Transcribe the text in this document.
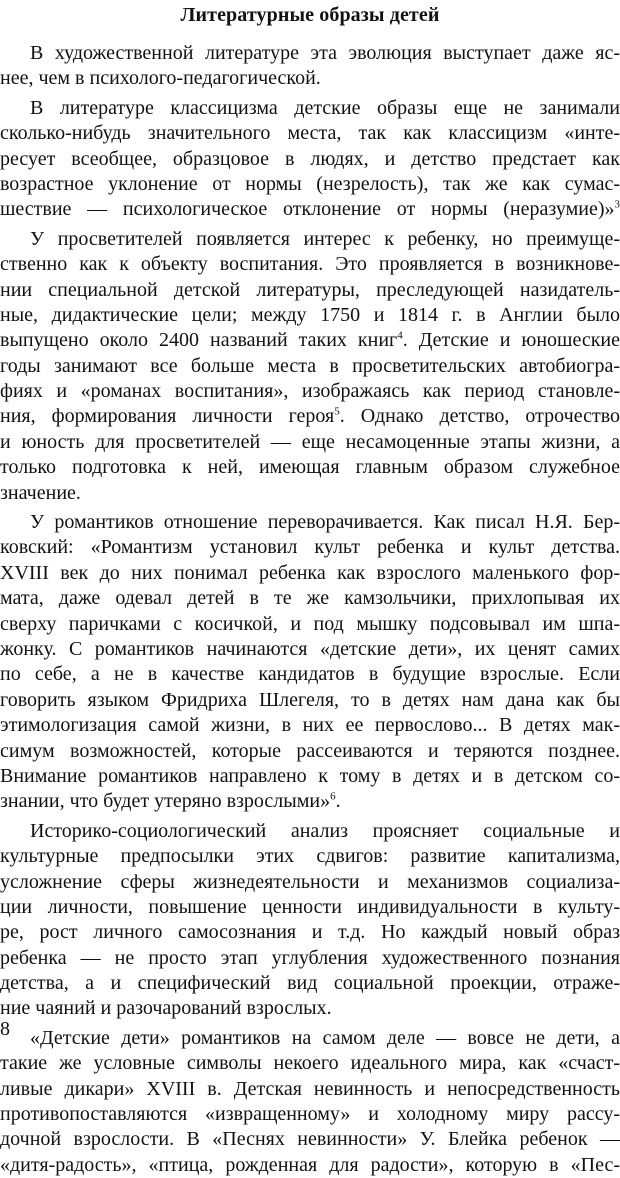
Литературные образы детей
В художественной литературе эта эволюция выступает даже яс-
нее, чем в психолого-педагогической.
В литературе классицизма детские образы еще не занимали
сколько-нибудь значительного места, так как классицизм «инте-
ресует всеобщее, образцовое в людях, и детство предстает как
возрастное уклонение от нормы (незрелость), так же как сумас-
шествие — психологическое отклонение от нормы (неразумие)»$^3$
У просветителей появляется интерес к ребенку, но преимуще-
ственно как к объекту воспитания. Это проявляется в возникнове-
нии специальной детской литературы, преследующей назидатель-
ные, дидактические цели; между 1750 и 1814 г. в Англии было
выпущено около 2400 названий таких книг$^4$. Детские и юношеские
годы занимают все больше места в просветительских автобиогра-
фиях и «романах воспитания», изображаясь как период становле-
ния, формирования личности героя$^5$. Однако детство, отрочество
и юность для просветителей — еще несамоценные этапы жизни, а
только подготовка к ней, имеющая главным образом служебное
значение.
У романтиков отношение переворачивается. Как писал Н.Я. Бер-
ковский: «Романтизм установил культ ребенка и культ детства.
XVIII век до них понимал ребенка как взрослого маленького фор-
мата, даже одевал детей в те же камзольчики, прихлопывая их
сверху паричками с косичкой, и под мышку подсовывал им шпа-
жонку. С романтиков начинаются «детские дети», их ценят самих
по себе, а не в качестве кандидатов в будущие взрослые. Если
говорить языком Фридриха Шлегеля, то в детях нам дана как бы
этимологизация самой жизни, в них ее первослово... В детях мак-
симум возможностей, которые рассеиваются и теряются позднее.
Внимание романтиков направлено к тому в детях и в детском со-
знании, что будет утеряно взрослыми»$^6$.
Историко-социологический анализ проясняет социальные и
культурные предпосылки этих сдвигов: развитие капитализма,
усложнение сферы жизнедеятельности и механизмов социализа-
ции личности, повышение ценности индивидуальности в культу-
ре, рост личного самосознания и т.д. Но каждый новый образ
ребенка — не просто этап углубления художественного познания
детства, а и специфический вид социальной проекции, отраже-
ние чаяний и разочарований взрослых.
«Детские дети» романтиков на самом деле — вовсе не дети, а
такие же условные символы некоего идеального мира, как «счаст-
ливые дикари» XVIII в. Детская невинность и непосредственность
противопоставляются «извращенному» и холодному миру рассу-
дочной взрослости. В «Песнях невинности» У. Блейка ребенок —
«дитя-радость», «птица, рожденная для радости», которую в «Пес-
8
